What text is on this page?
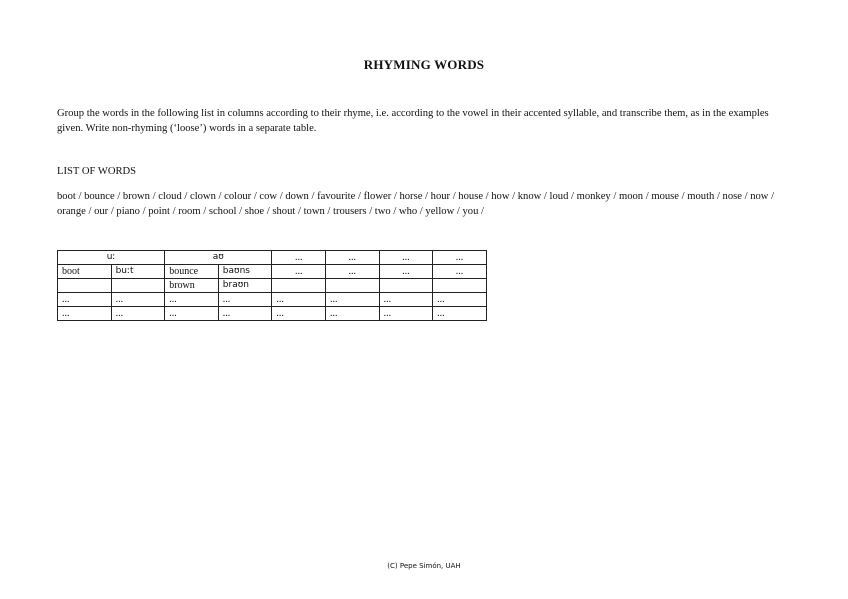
RHYMING WORDS
Group the words in the following list in columns according to their rhyme, i.e. according to the vowel in their accented syllable, and transcribe them, as in the examples given. Write non-rhyming (‘loose’) words in a separate table.
LIST OF WORDS
boot / bounce / brown / cloud / clown / colour / cow / down / favourite / flower / horse / hour / house / how / know / loud / monkey / moon / mouse / mouth / nose / now / orange / our / piano / point / room / school / shoe / shout / town / trousers / two / who / yellow / you /
uː		aʊ		...	...	...	...
boot	buːt	bounce	baʊns	...	...	...	...
		brown	braʊn				
...	...	...	...	...	...	...	...
...	...	...	...	...	...	...	...
(C) Pepe Simón, UAH
